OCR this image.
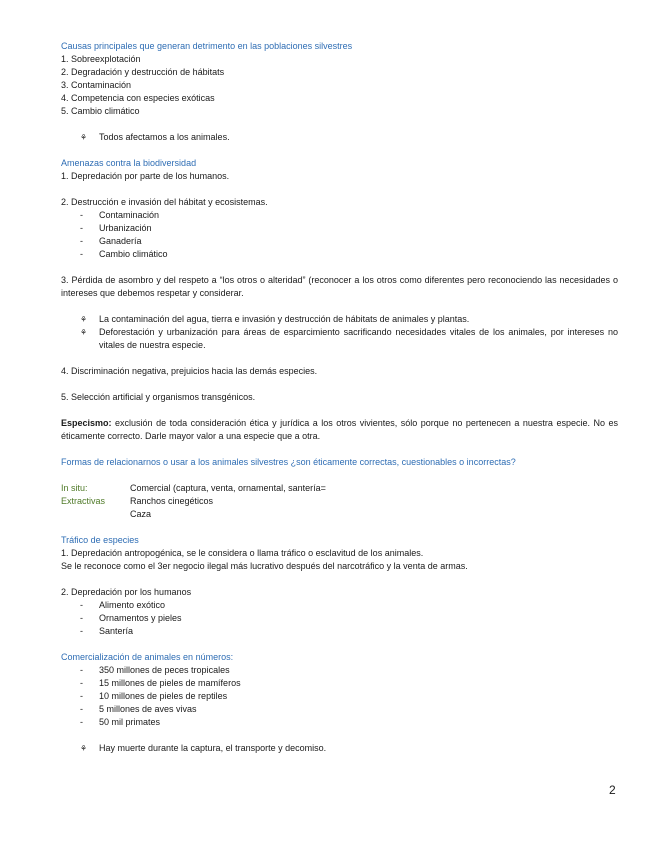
Causas principales que generan detrimento en las poblaciones silvestres
1. Sobreexplotación
2. Degradación y destrucción de hábitats
3. Contaminación
4. Competencia con especies exóticas
5. Cambio climático
⚘ Todos afectamos a los animales.
Amenazas contra la biodiversidad
1. Depredación por parte de los humanos.
2. Destrucción e invasión del hábitat y ecosistemas.
- Contaminación
- Urbanización
- Ganadería
- Cambio climático
3. Pérdida de asombro y del respeto a “los otros o alteridad” (reconocer a los otros como diferentes pero reconociendo las necesidades o intereses que debemos respetar y considerar.
⚘ La contaminación del agua, tierra e invasión y destrucción de hábitats de animales y plantas.
⚘ Deforestación y urbanización para áreas de esparcimiento sacrificando necesidades vitales de los animales, por intereses no vitales de nuestra especie.
4. Discriminación negativa, prejuicios hacia las demás especies.
5. Selección artificial y organismos transgénicos.
Especismo: exclusión de toda consideración ética y jurídica a los otros vivientes, sólo porque no pertenecen a nuestra especie. No es éticamente correcto. Darle mayor valor a una especie que a otra.
Formas de relacionarnos o usar a los animales silvestres ¿son éticamente correctas, cuestionables o incorrectas?
In situ:	Comercial (captura, venta, ornamental, santería=
Extractivas	Ranchos cinegéticos
Caza
Tráfico de especies
1. Depredación antropogénica, se le considera o llama tráfico o esclavitud de los animales.
Se le reconoce como el 3er negocio ilegal más lucrativo después del narcotráfico y la venta de armas.
2. Depredación por los humanos
- Alimento exótico
- Ornamentos y pieles
- Santería
Comercialización de animales en números:
- 350 millones de peces tropicales
- 15 millones de pieles de mamíferos
- 10 millones de pieles de reptiles
- 5 millones de aves vivas
- 50 mil primates
⚘ Hay muerte durante la captura, el transporte y decomiso.
2
